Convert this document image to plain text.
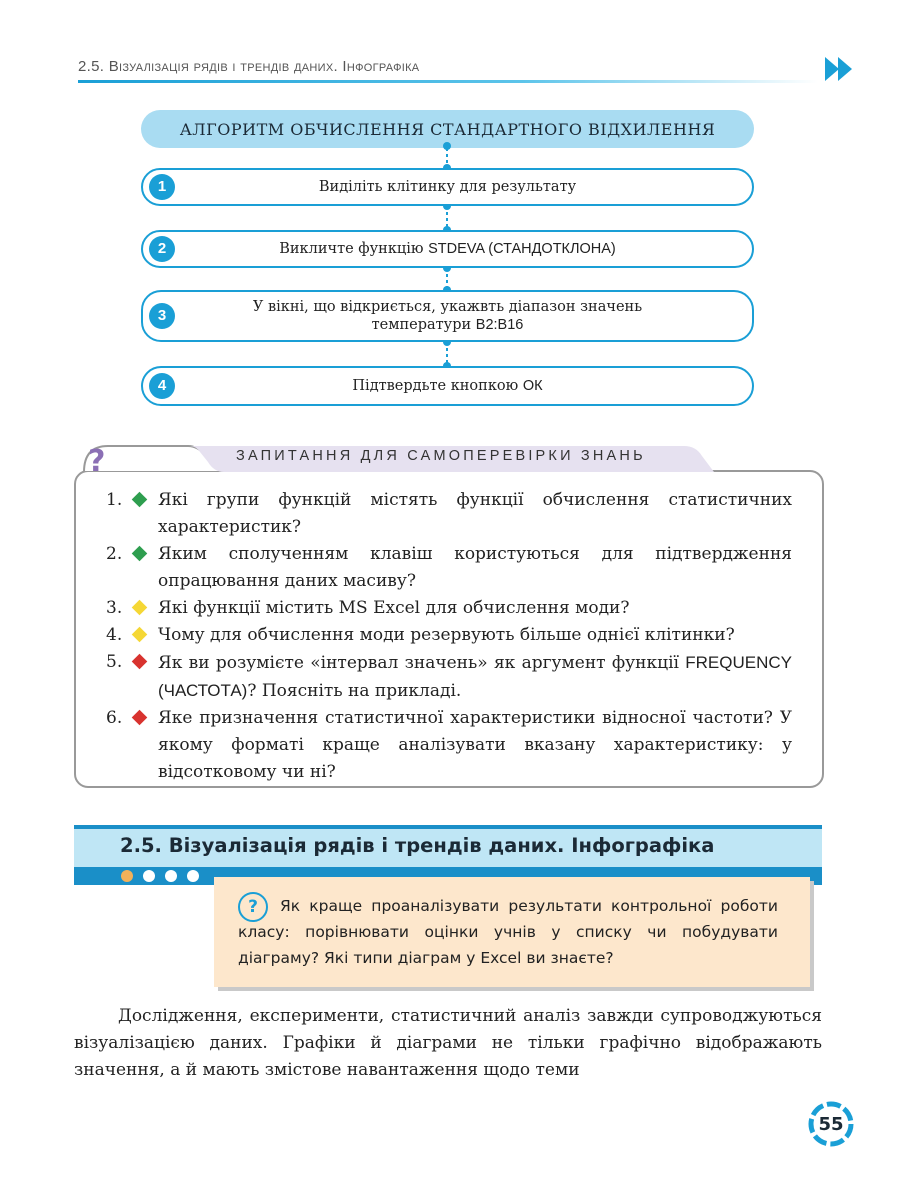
2.5. Візуалізація рядів і трендів даних. Інфографіка
АЛГОРИТМ ОБЧИСЛЕННЯ СТАНДАРТНОГО ВІДХИЛЕННЯ
1	Виділіть клітинку для результату
2	Викличте функцію STDEVA (СТАНДОТКЛОНА)
3	У вікні, що відкриється, укажвть діапазон значень
температури B2:B16
4	Підтвердьте кнопкою ОК
?	ЗАПИТАННЯ ДЛЯ САМОПЕРЕВІРКИ ЗНАНЬ
1. Які групи функцій містять функції обчислення статистичних характеристик?
2. Яким сполученням клавіш користуються для підтвердження опрацювання даних масиву?
3. Які функції містить MS Excel для обчислення моди?
4. Чому для обчислення моди резервують більше однієї клітинки?
5. Як ви розумієте «інтервал значень» як аргумент функції FREQUENCY (ЧАСТОТА)? Поясніть на прикладі.
6. Яке призначення статистичної характеристики відносної частоти? У якому форматі краще аналізувати вказану характеристику: у відсотковому чи ні?
2.5. Візуалізація рядів і трендів даних. Інфографіка
?	Як краще проаналізувати результати контрольної роботи класу: порівнювати оцінки учнів у списку чи побудувати діаграму? Які типи діаграм у Excel ви знаєте?
Дослідження, експерименти, статистичний аналіз завжди супроводжуються візуалізацією даних. Графіки й діаграми не тільки графічно відображають значення, а й мають змістове навантаження щодо теми
55
